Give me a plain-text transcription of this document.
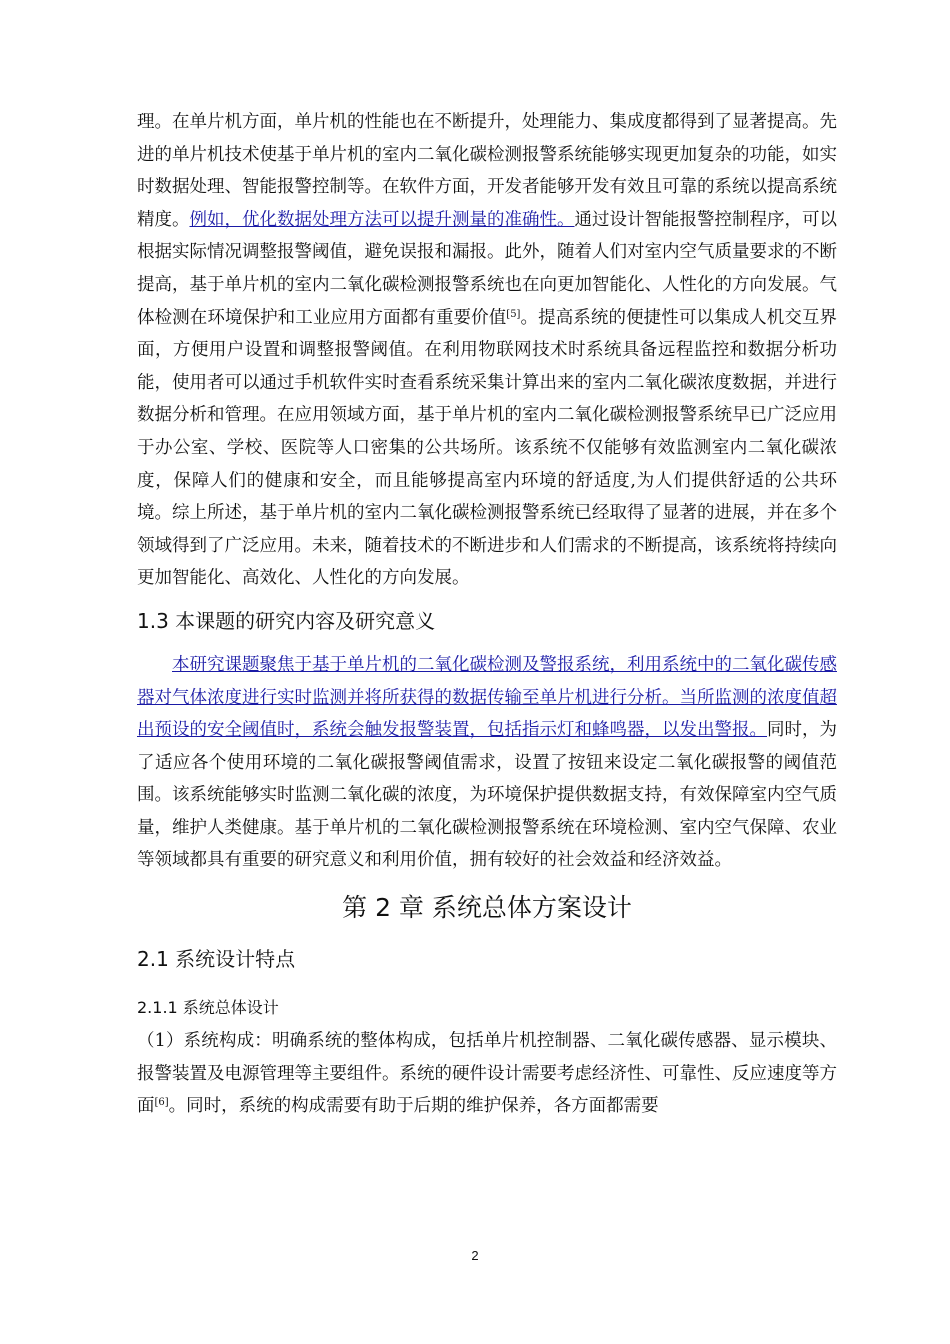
理。在单片机方面，单片机的性能也在不断提升，处理能力、集成度都得到了显著提高。先进的单片机技术使基于单片机的室内二氧化碳检测报警系统能够实现更加复杂的功能，如实时数据处理、智能报警控制等。在软件方面，开发者能够开发有效且可靠的系统以提高系统精度。例如，优化数据处理方法可以提升测量的准确性。通过设计智能报警控制程序，可以根据实际情况调整报警阈值，避免误报和漏报。此外，随着人们对室内空气质量要求的不断提高，基于单片机的室内二氧化碳检测报警系统也在向更加智能化、人性化的方向发展。气体检测在环境保护和工业应用方面都有重要价值[5]。提高系统的便捷性可以集成人机交互界面，方便用户设置和调整报警阈值。在利用物联网技术时系统具备远程监控和数据分析功能，使用者可以通过手机软件实时查看系统采集计算出来的室内二氧化碳浓度数据，并进行数据分析和管理。在应用领域方面，基于单片机的室内二氧化碳检测报警系统早已广泛应用于办公室、学校、医院等人口密集的公共场所。该系统不仅能够有效监测室内二氧化碳浓度，保障人们的健康和安全，而且能够提高室内环境的舒适度,为人们提供舒适的公共环境。综上所述，基于单片机的室内二氧化碳检测报警系统已经取得了显著的进展，并在多个领域得到了广泛应用。未来，随着技术的不断进步和人们需求的不断提高，该系统将持续向更加智能化、高效化、人性化的方向发展。

1.3 本课题的研究内容及研究意义

本研究课题聚焦于基于单片机的二氧化碳检测及警报系统，利用系统中的二氧化碳传感器对气体浓度进行实时监测并将所获得的数据传输至单片机进行分析。当所监测的浓度值超出预设的安全阈值时，系统会触发报警装置，包括指示灯和蜂鸣器，以发出警报。同时，为了适应各个使用环境的二氧化碳报警阈值需求，设置了按钮来设定二氧化碳报警的阈值范围。该系统能够实时监测二氧化碳的浓度，为环境保护提供数据支持，有效保障室内空气质量，维护人类健康。基于单片机的二氧化碳检测报警系统在环境检测、室内空气保障、农业等领域都具有重要的研究意义和利用价值，拥有较好的社会效益和经济效益。

第 2 章 系统总体方案设计
2.1 系统设计特点
2.1.1 系统总体设计

（1）系统构成：明确系统的整体构成，包括单片机控制器、二氧化碳传感器、显示模块、报警装置及电源管理等主要组件。系统的硬件设计需要考虑经济性、可靠性、反应速度等方面[6]。同时，系统的构成需要有助于后期的维护保养，各方面都需要

2
